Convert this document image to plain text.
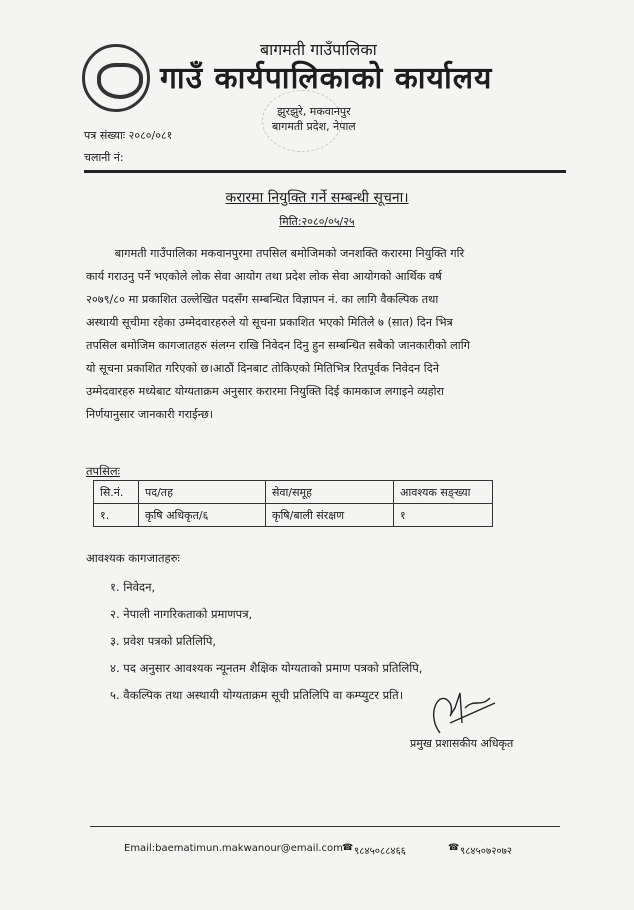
बागमती गाउँपालिका
गाउँ कार्यपालिकाको कार्यालय
झुरझुरे, मकवानपुर
बागमती प्रदेश, नेपाल
पत्र संख्याः २०८०/०८१
चलानी नं:
करारमा नियुक्ति गर्ने सम्बन्धी सूचना।
मिति:२०८०/०५/२५
बागमती गाउँपालिका मकवानपुरमा तपसिल बमोजिमको जनशक्ति करारमा नियुक्ति गरि
कार्य गराउनु पर्ने भएकोले लोक सेवा आयोग तथा प्रदेश लोक सेवा आयोगको आर्थिक वर्ष
२०७९/८० मा प्रकाशित उल्लेखित पदसँग सम्बन्धित विज्ञापन नं. का लागि वैकल्पिक तथा
अस्थायी सूचीमा रहेका उम्मेदवारहरुले यो सूचना प्रकाशित भएको मितिले ७ (सात) दिन भित्र
तपसिल बमोजिम कागजातहरु संलग्न राखि निवेदन दिनु हुन सम्बन्धित सबैको जानकारीको लागि
यो सूचना प्रकाशित गरिएको छ।आठौं दिनबाट तोकिएको मितिभित्र रितपूर्वक निवेदन दिने
उम्मेदवारहरु मध्येबाट योग्यताक्रम अनुसार करारमा नियुक्ति दिई कामकाज लगाइने व्यहोरा
निर्णयानुसार जानकारी गराईन्छ।
तपसिलः
सि.नं.	पद/तह	सेवा/समूह	आवश्यक सङ्ख्या
१.	कृषि अधिकृत/६	कृषि/बाली संरक्षण	१
आवश्यक कागजातहरुः
१. निवेदन,
२. नेपाली नागरिकताको प्रमाणपत्र,
३. प्रवेश पत्रको प्रतिलिपि,
४. पद अनुसार आवश्यक न्यूनतम शैक्षिक योग्यताको प्रमाण पत्रको प्रतिलिपि,
५. वैकल्पिक तथा अस्थायी योग्यताक्रम सूची प्रतिलिपि वा कम्प्युटर प्रति।
प्रमुख प्रशासकीय अधिकृत
Email:baematimun.makwanour@email.com ☎ ९८४५०८८४६६	☎ ९८४५०७२०७२
